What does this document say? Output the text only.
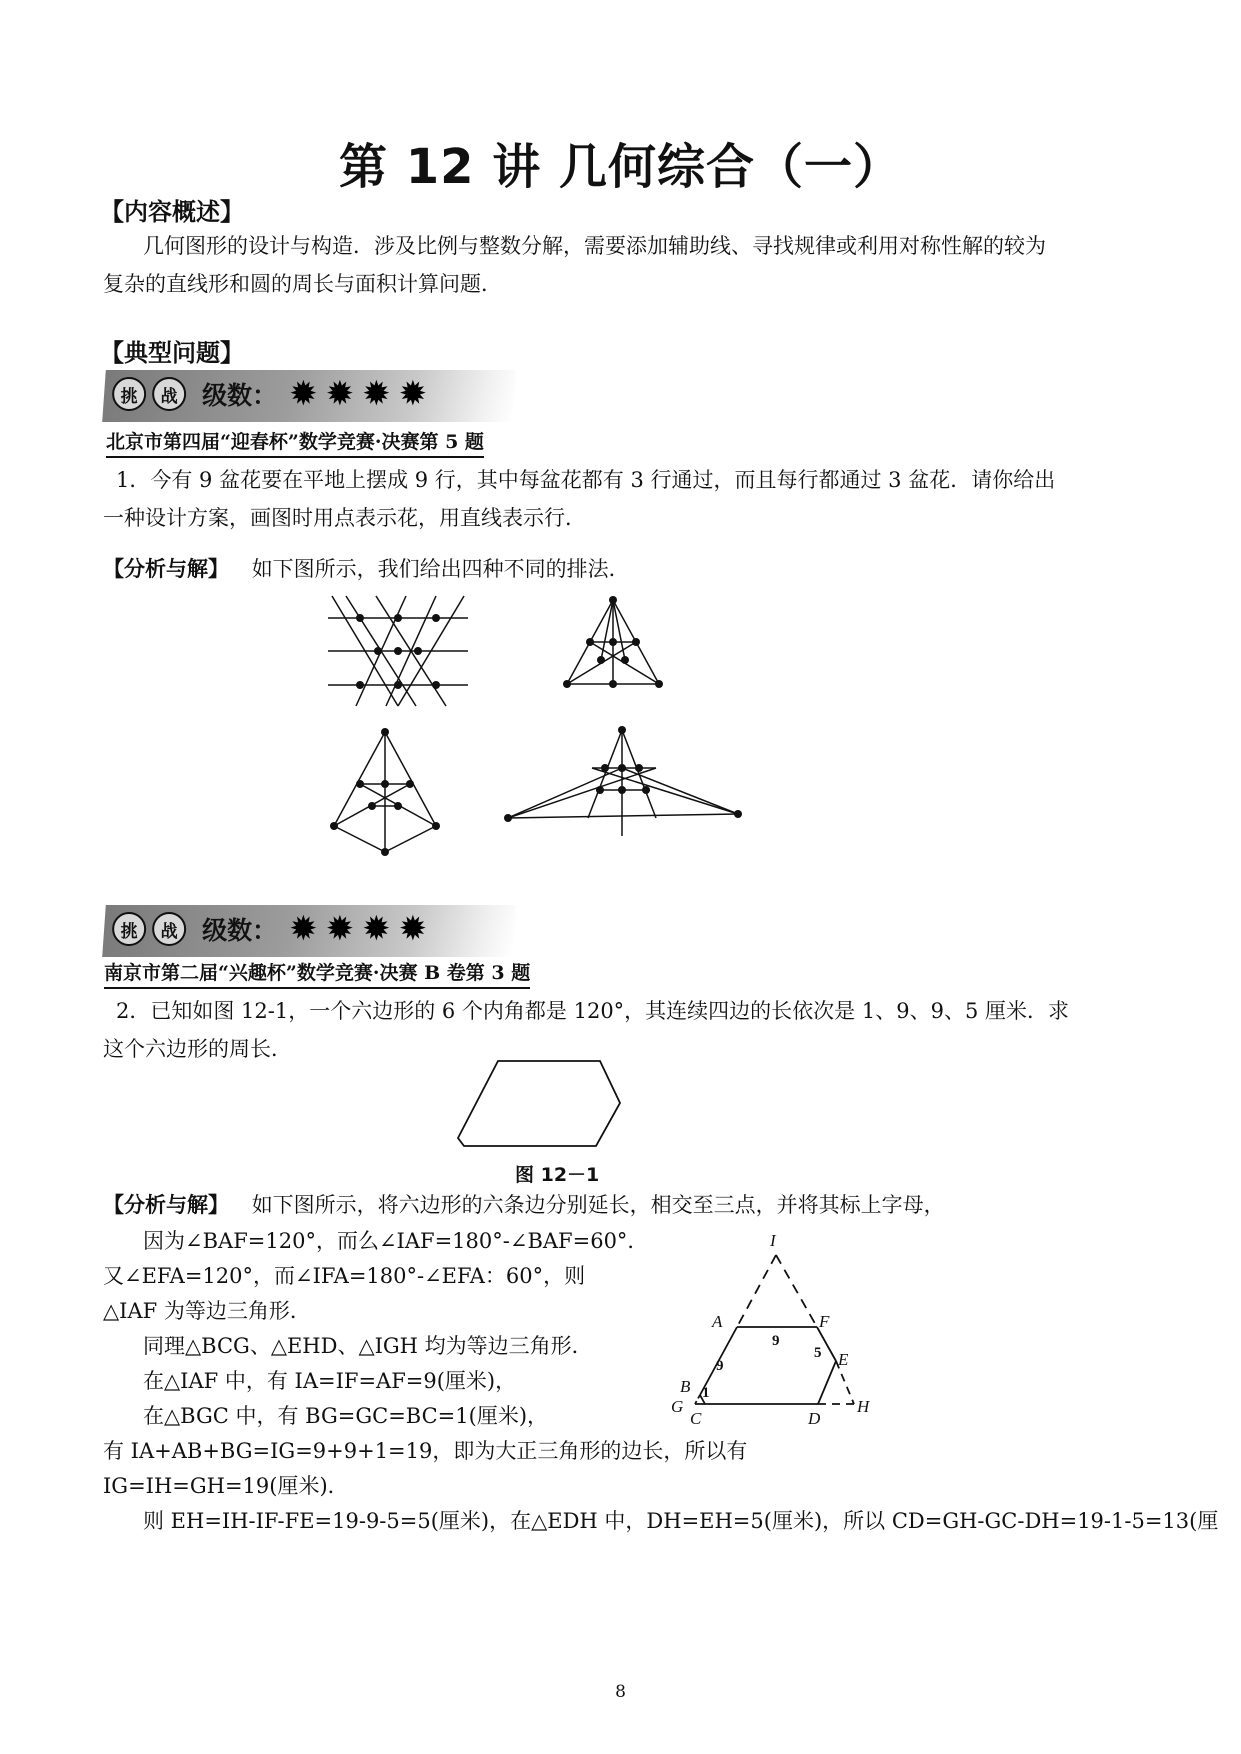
第 12 讲 几何综合（一）
【内容概述】
几何图形的设计与构造．涉及比例与整数分解，需要添加辅助线、寻找规律或利用对称性解的较为
复杂的直线形和圆的周长与面积计算问题．
【典型问题】
挑	战 级数： ✹ ✹ ✹ ✹
北京市第四届“迎春杯”数学竞赛·决赛第 5 题
1．今有 9 盆花要在平地上摆成 9 行，其中每盆花都有 3 行通过，而且每行都通过 3 盆花．请你给出
一种设计方案，画图时用点表示花，用直线表示行．
【分析与解】 如下图所示，我们给出四种不同的排法．
挑	战 级数： ✹ ✹ ✹ ✹
南京市第二届“兴趣杯”数学竞赛·决赛 B 卷第 3 题
2．已知如图 12-1，一个六边形的 6 个内角都是 120°，其连续四边的长依次是 1、9、9、5 厘米．求
这个六边形的周长．
图 12－1
【分析与解】 如下图所示，将六边形的六条边分别延长，相交至三点，并将其标上字母，
因为∠BAF=120°，而么∠IAF=180°-∠BAF=60°．
又∠EFA=120°，而∠IFA=180°-∠EFA：60°，则
△IAF 为等边三角形．
同理△BCG、△EHD、△IGH 均为等边三角形．
在△IAF 中，有 IA=IF=AF=9(厘米)，
在△BGC 中，有 BG=GC=BC=1(厘米)，
有 IA+AB+BG=IG=9+9+1=19，即为大正三角形的边长，所以有
IG=IH=GH=19(厘米)．
则 EH=IH-IF-FE=19-9-5=5(厘米)，在△EDH 中，DH=EH=5(厘米)，所以 CD=GH-GC-DH=19-1-5=13(厘
I
A	F
E
B
G
C	D
H
9
9
5
1
8
